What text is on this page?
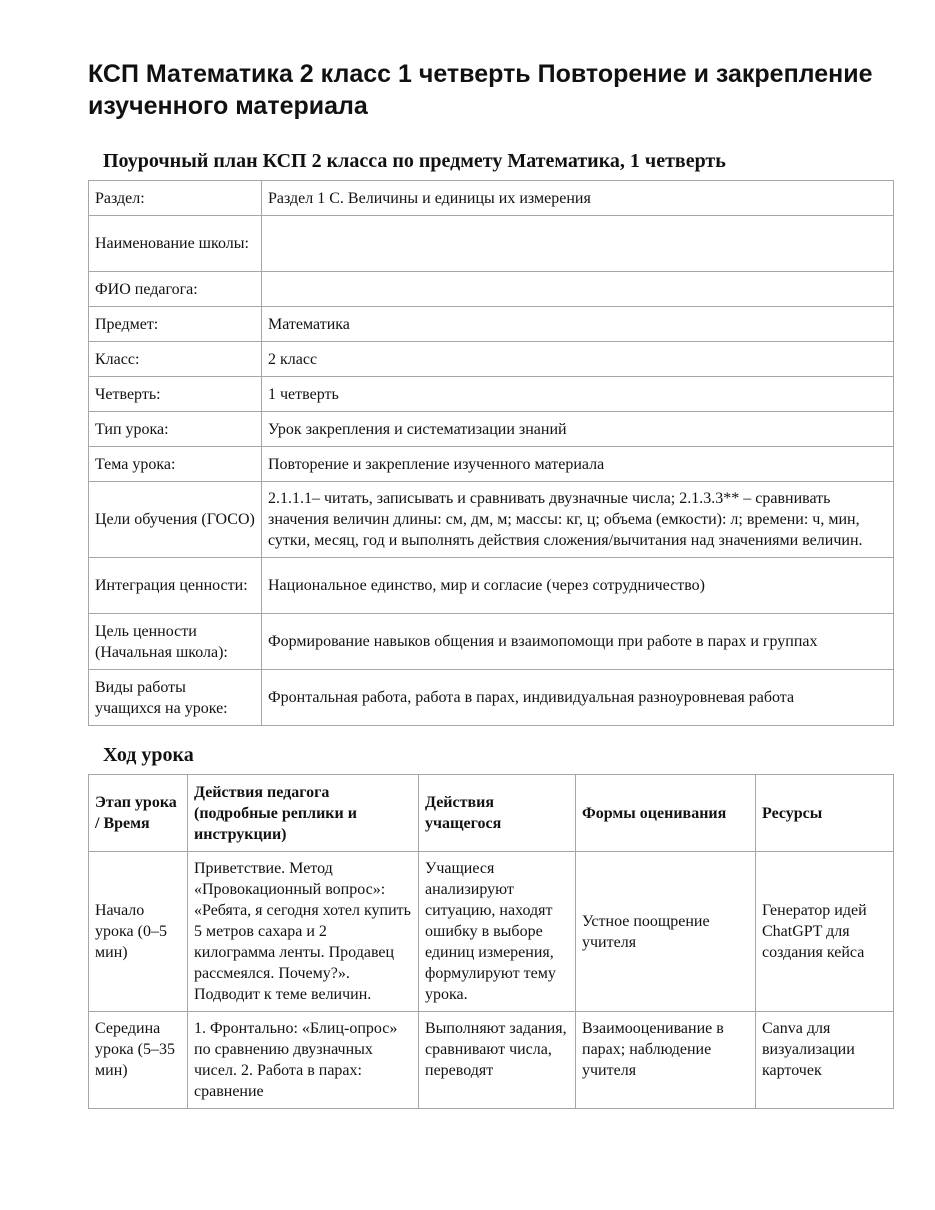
КСП Математика 2 класс 1 четверть Повторение и закрепление изученного материала
Поурочный план КСП 2 класса по предмету Математика, 1 четверть
Раздел:	Раздел 1 С. Величины и единицы их измерения
Наименование школы:	
ФИО педагога:	
Предмет:	Математика
Класс:	2 класс
Четверть:	1 четверть
Тип урока:	Урок закрепления и систематизации знаний
Тема урока:	Повторение и закрепление изученного материала
Цели обучения (ГОСО)	2.1.1.1– читать, записывать и сравнивать двузначные числа; 2.1.3.3** – сравнивать значения величин длины: см, дм, м; массы: кг, ц; объема (емкости): л; времени: ч, мин, сутки, месяц, год и выполнять действия сложения/вычитания над значениями величин.
Интеграция ценности:	Национальное единство, мир и согласие (через сотрудничество)
Цель ценности (Начальная школа):	Формирование навыков общения и взаимопомощи при работе в парах и группах
Виды работы учащихся на уроке:	Фронтальная работа, работа в парах, индивидуальная разноуровневая работа
Ход урока
Этап урока / Время	Действия педагога (подробные реплики и инструкции)	Действия учащегося	Формы оценивания	Ресурсы
Начало урока (0–5 мин)	Приветствие. Метод «Провокационный вопрос»: «Ребята, я сегодня хотел купить 5 метров сахара и 2 килограмма ленты. Продавец рассмеялся. Почему?». Подводит к теме величин.	Учащиеся анализируют ситуацию, находят ошибку в выборе единиц измерения, формулируют тему урока.	Устное поощрение учителя	Генератор идей ChatGPT для создания кейса
Середина урока (5–35 мин)	1. Фронтально: «Блиц-опрос» по сравнению двузначных чисел. 2. Работа в парах: сравнение	Выполняют задания, сравнивают числа, переводят	Взаимооценивание в парах; наблюдение учителя	Canva для визуализации карточек
